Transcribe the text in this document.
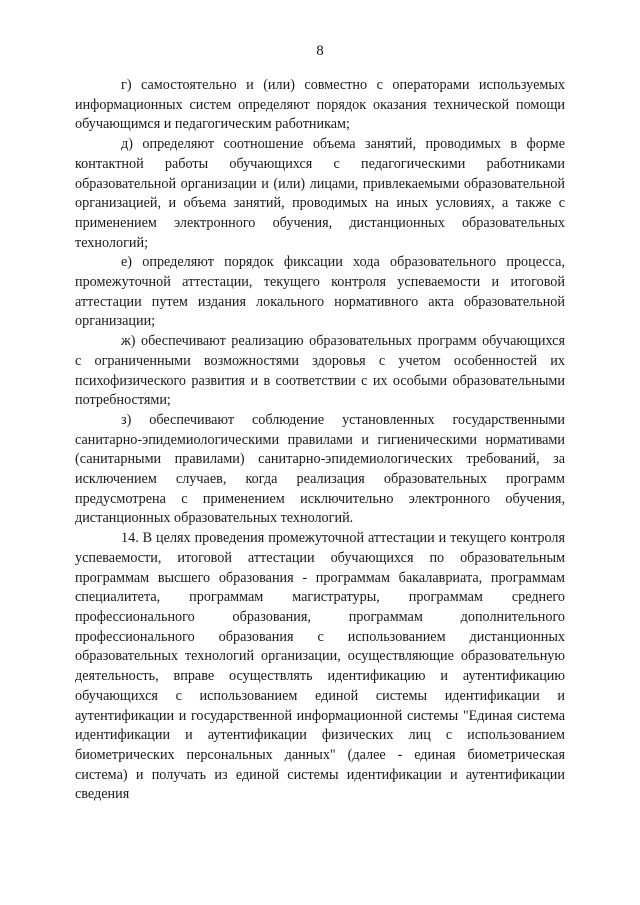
8

г) самостоятельно и (или) совместно с операторами используемых информационных систем определяют порядок оказания технической помощи обучающимся и педагогическим работникам;

д) определяют соотношение объема занятий, проводимых в форме контактной работы обучающихся с педагогическими работниками образовательной организации и (или) лицами, привлекаемыми образовательной организацией, и объема занятий, проводимых на иных условиях, а также с применением электронного обучения, дистанционных образовательных технологий;

е) определяют порядок фиксации хода образовательного процесса, промежуточной аттестации, текущего контроля успеваемости и итоговой аттестации путем издания локального нормативного акта образовательной организации;

ж) обеспечивают реализацию образовательных программ обучающихся с ограниченными возможностями здоровья с учетом особенностей их психофизического развития и в соответствии с их особыми образовательными потребностями;

з) обеспечивают соблюдение установленных государственными санитарно-эпидемиологическими правилами и гигиеническими нормативами (санитарными правилами) санитарно-эпидемиологических требований, за исключением случаев, когда реализация образовательных программ предусмотрена с применением исключительно электронного обучения, дистанционных образовательных технологий.

14. В целях проведения промежуточной аттестации и текущего контроля успеваемости, итоговой аттестации обучающихся по образовательным программам высшего образования - программам бакалавриата, программам специалитета, программам магистратуры, программам среднего профессионального образования, программам дополнительного профессионального образования с использованием дистанционных образовательных технологий организации, осуществляющие образовательную деятельность, вправе осуществлять идентификацию и аутентификацию обучающихся с использованием единой системы идентификации и аутентификации и государственной информационной системы "Единая система идентификации и аутентификации физических лиц с использованием биометрических персональных данных" (далее - единая биометрическая система) и получать из единой системы идентификации и аутентификации сведения
